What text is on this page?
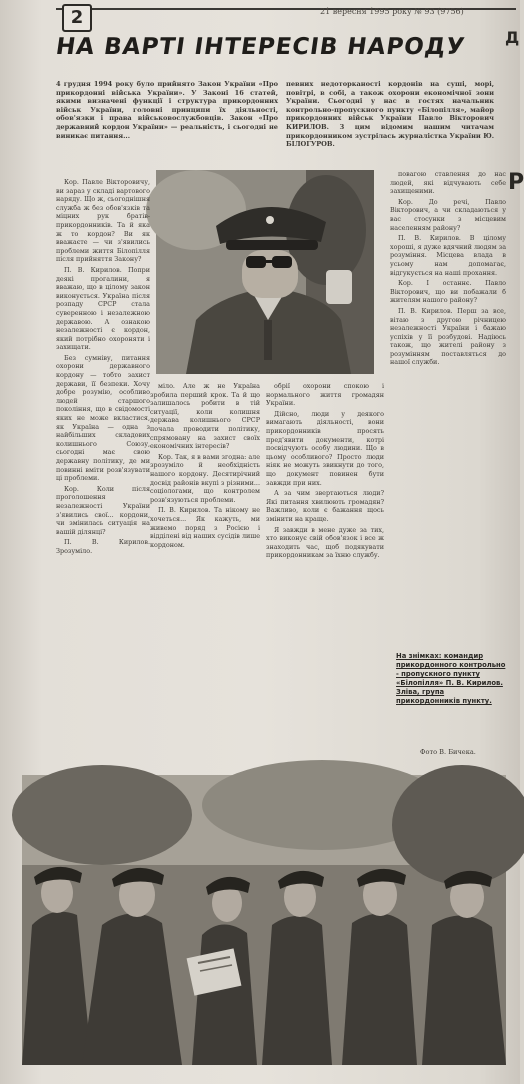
2	21 вересня 1995 року № 93 (9756)
Д
Р
НА ВАРТІ ІНТЕРЕСІВ НАРОДУ
4 грудня 1994 року було прийнято Закон України «Про прикордонні війська України». У Законі 16 статей, якими визначені функції і структура прикордонних військ України, головні принципи їх діяльності, обов'язки і права військовослужбовців. Закон «Про державний кордон України» — реальність, і сьогодні не виникає питання...
певних недоторканості кордонів на суші, морі, повітрі, в собі, а також охорони економічної зони України. Сьогодні у нас в гостях начальник контрольно-пропускного пункту «Білопілля», майор прикордонних військ України Павло Вікторович КИРИЛОВ. З цим відомим нашим читачам прикордонником зустрілась журналістка України Ю. БІЛОГУРОВ.

Кор. Павле Вікторовичу, ви зараз у складі вартового наряду. Що ж, сьогоднішня служба ж без обов'язків та міцних рук братів-прикордонників. Та й яка ж то кордон? Ви як вважаєте — чи з'явились проблеми життя Білопілля після прийняття Закону?

П. В. Кирилов. Попри деякі прогалини, я вважаю, що в цілому закон виконується. Україна після розпаду СРСР стала суверенною і незалежною державою. А ознакою незалежності є кордон, який потрібно охороняти і захищати.

Без сумніву, питання охорони державного кордону — тобто захист держави, її безпеки. Хочу добре розумію, особливо людей старшого покоління, що в свідомості яких не може вкластися, як Україна — одна з найбільших складових колишнього Союзу, сьогодні має свою державну політику, де ми повинні вміти розв'язувати ці проблеми.

Кор. Коли після проголошення незалежності України з'явились свої... кордони, чи змінилась ситуація на вашій ділянці?

П. В. Кирилов. Зрозуміло.

міло. Але ж не Україна зробила перший крок. Та й що залишалось робити в тій ситуації, коли колишня держава колишнього СРСР почала проводити політику, спрямовану на захист своїх економічних інтересів?

Кор. Так, я в вами згодна: але зрозуміло й необхідність нашого кордону. Десятирічний досвід районів вкупі з різними... соціологами, що контролем розв'язуються проблеми.

П. В. Кирилов. Та нікому не хочеться... Як кажуть, ми живемо поряд з Росією і відділені від наших сусідів лише кордоном.

обрії охорони спокою і нормального життя громадян України.

Дійсно, люди у деякого вимагають діяльності, вони прикордонників просять пред'явити документи, котрі посвідчують особу людини. Що в цьому особливого? Просто люди ніяк не можуть звикнути до того, що документ повинен бути завжди при них.

А за чим звертаються люди? Які питання хвилюють громадян? Важливо, коли є бажання щось змінити на краще.

Я завжди в мене дуже за тих, хто виконує свій обов'язок і все ж знаходить час, щоб подякувати прикордонникам за їхню службу.

повагою ставлення до нас людей, які відчувають себе захищеними.

Кор. До речі, Павло Вікторович, а чи складаються у вас стосунки з місцевим населенням району?

П. В. Кирилов. В цілому хороші, я дуже вдячний людям за розуміння. Місцева влада в усьому нам допомагає, відгукується на наші прохання.

Кор. І останнє. Павло Вікторович, що ви побажали б жителям нашого району?

П. В. Кирилов. Перш за все, вітаю з другою річницею незалежності України і бажаю успіхів у її розбудові. Надіюсь також, що жителі району з розумінням поставляться до нашої служби.

На знімках: командир прикордонного контрольно - пропускного пункту «Білопілля» П. В. Кирилов. Зліва, група прикордонників пункту.
Фото В. Бичека.
